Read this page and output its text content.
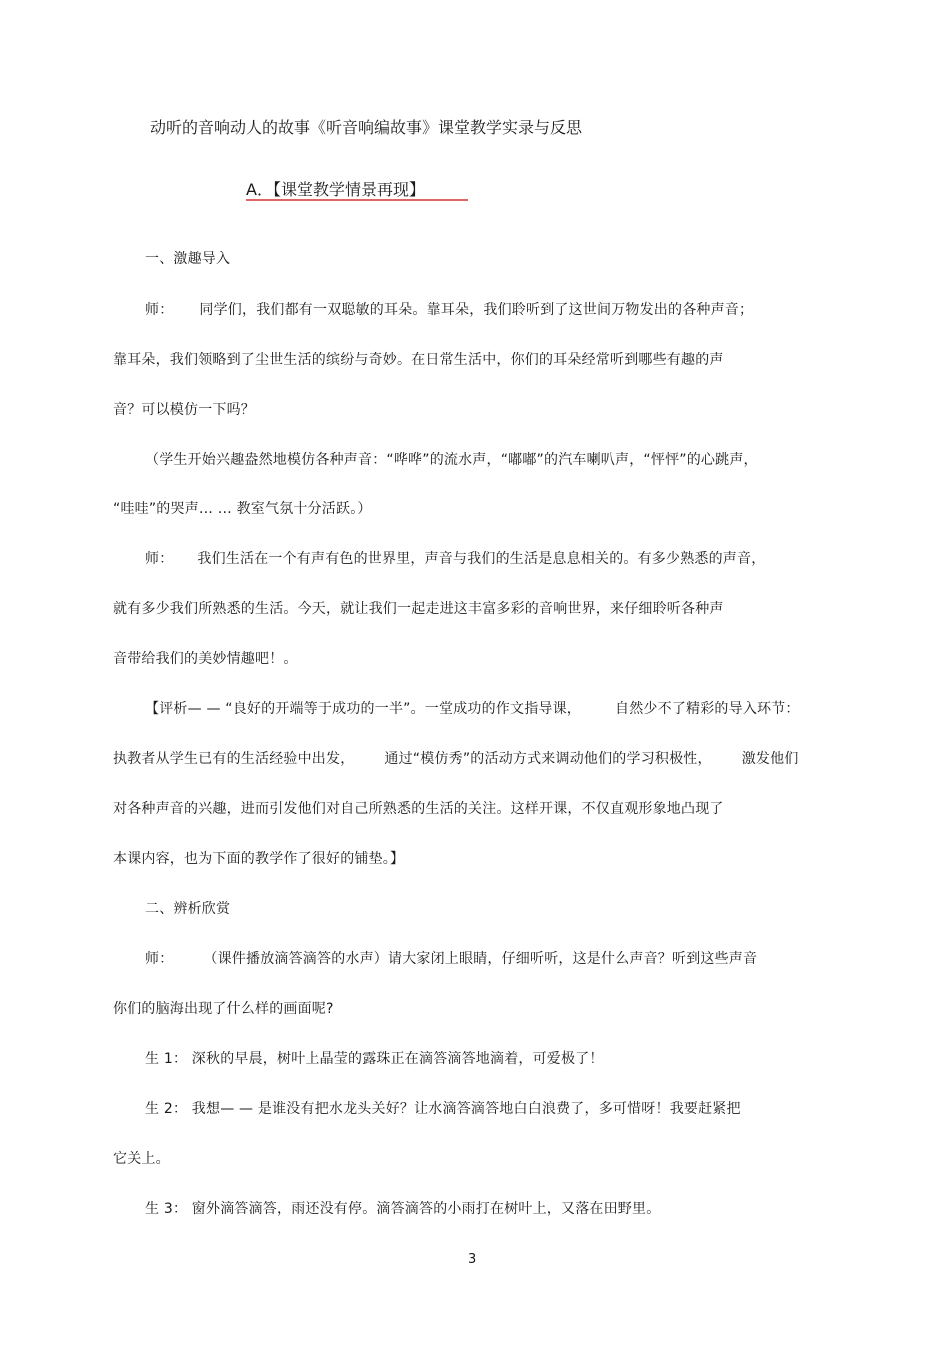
动听的音响动人的故事《听音响编故事》课堂教学实录与反思
A．【课堂教学情景再现】
一、激趣导入
师： 同学们，我们都有一双聪敏的耳朵。靠耳朵，我们聆听到了这世间万物发出的各种声音；
靠耳朵，我们领略到了尘世生活的缤纷与奇妙。在日常生活中，你们的耳朵经常听到哪些有趣的声
音？可以模仿一下吗？
（学生开始兴趣盎然地模仿各种声音：“哗哗”的流水声，“嘟嘟”的汽车喇叭声，“怦怦”的心跳声，
“哇哇”的哭声… … 教室气氛十分活跃。）
师： 我们生活在一个有声有色的世界里，声音与我们的生活是息息相关的。有多少熟悉的声音，
就有多少我们所熟悉的生活。今天，就让我们一起走进这丰富多彩的音响世界，来仔细聆听各种声
音带给我们的美妙情趣吧！。
【评析— — “良好的开端等于成功的一半”。一堂成功的作文指导课， 自然少不了精彩的导入环节：
执教者从学生已有的生活经验中出发， 通过“模仿秀”的活动方式来调动他们的学习积极性， 激发他们
对各种声音的兴趣，进而引发他们对自己所熟悉的生活的关注。这样开课，不仅直观形象地凸现了
本课内容，也为下面的教学作了很好的铺垫。】
二、辨析欣赏
师： （课件播放滴答滴答的水声）请大家闭上眼睛，仔细听听，这是什么声音？听到这些声音
你们的脑海出现了什么样的画面呢?
生 1： 深秋的早晨，树叶上晶莹的露珠正在滴答滴答地滴着，可爱极了！
生 2： 我想— — 是谁没有把水龙头关好？让水滴答滴答地白白浪费了，多可惜呀！我要赶紧把
它关上。
生 3： 窗外滴答滴答，雨还没有停。滴答滴答的小雨打在树叶上，又落在田野里。
3
